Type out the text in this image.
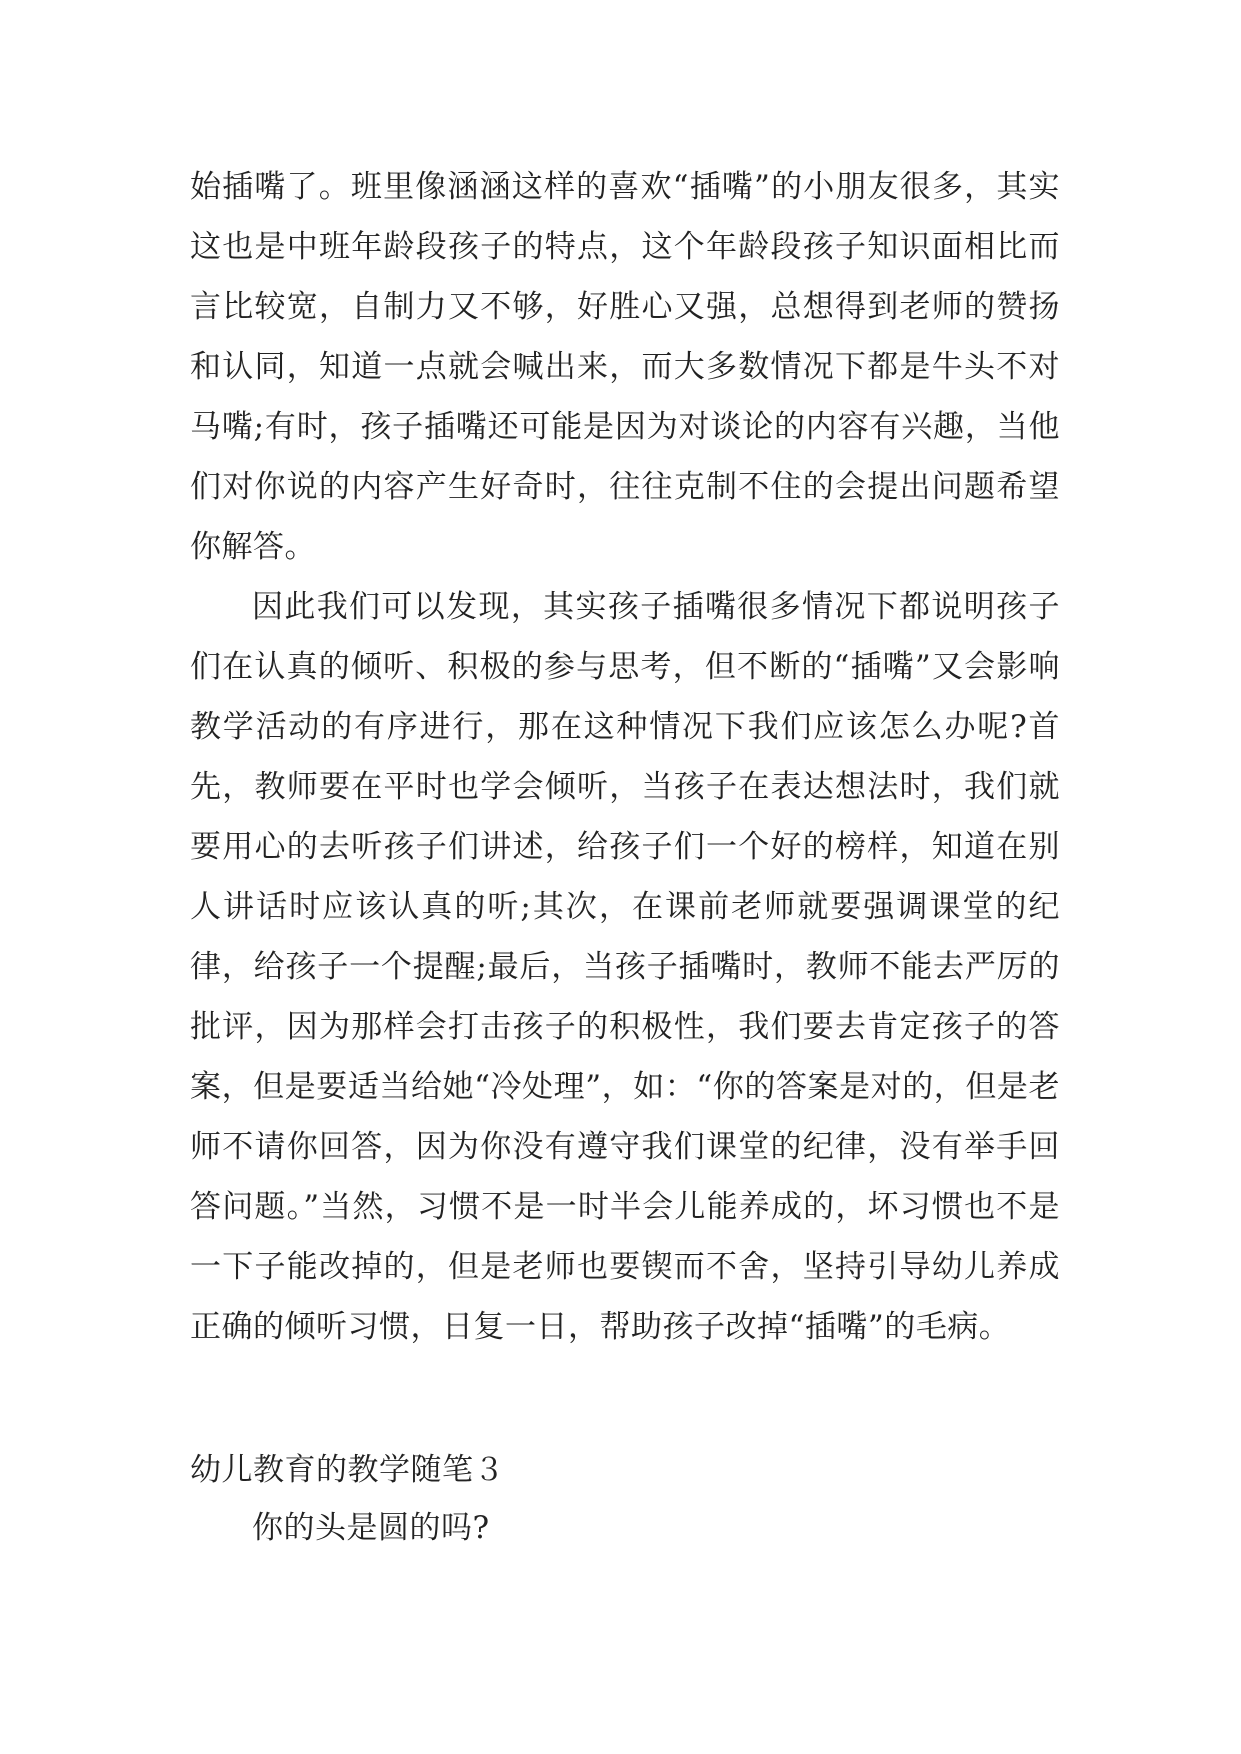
始插嘴了。班里像涵涵这样的喜欢“插嘴”的小朋友很多，其实这也是中班年龄段孩子的特点，这个年龄段孩子知识面相比而言比较宽，自制力又不够，好胜心又强，总想得到老师的赞扬和认同，知道一点就会喊出来，而大多数情况下都是牛头不对马嘴;有时，孩子插嘴还可能是因为对谈论的内容有兴趣，当他们对你说的内容产生好奇时，往往克制不住的会提出问题希望你解答。

因此我们可以发现，其实孩子插嘴很多情况下都说明孩子们在认真的倾听、积极的参与思考，但不断的“插嘴”又会影响教学活动的有序进行，那在这种情况下我们应该怎么办呢?首先，教师要在平时也学会倾听，当孩子在表达想法时，我们就要用心的去听孩子们讲述，给孩子们一个好的榜样，知道在别人讲话时应该认真的听;其次，在课前老师就要强调课堂的纪律，给孩子一个提醒;最后，当孩子插嘴时，教师不能去严厉的批评，因为那样会打击孩子的积极性，我们要去肯定孩子的答案，但是要适当给她“冷处理”，如：“你的答案是对的，但是老师不请你回答，因为你没有遵守我们课堂的纪律，没有举手回答问题。”当然，习惯不是一时半会儿能养成的，坏习惯也不是一下子能改掉的，但是老师也要锲而不舍，坚持引导幼儿养成正确的倾听习惯，日复一日，帮助孩子改掉“插嘴”的毛病。

幼儿教育的教学随笔３

你的头是圆的吗?
